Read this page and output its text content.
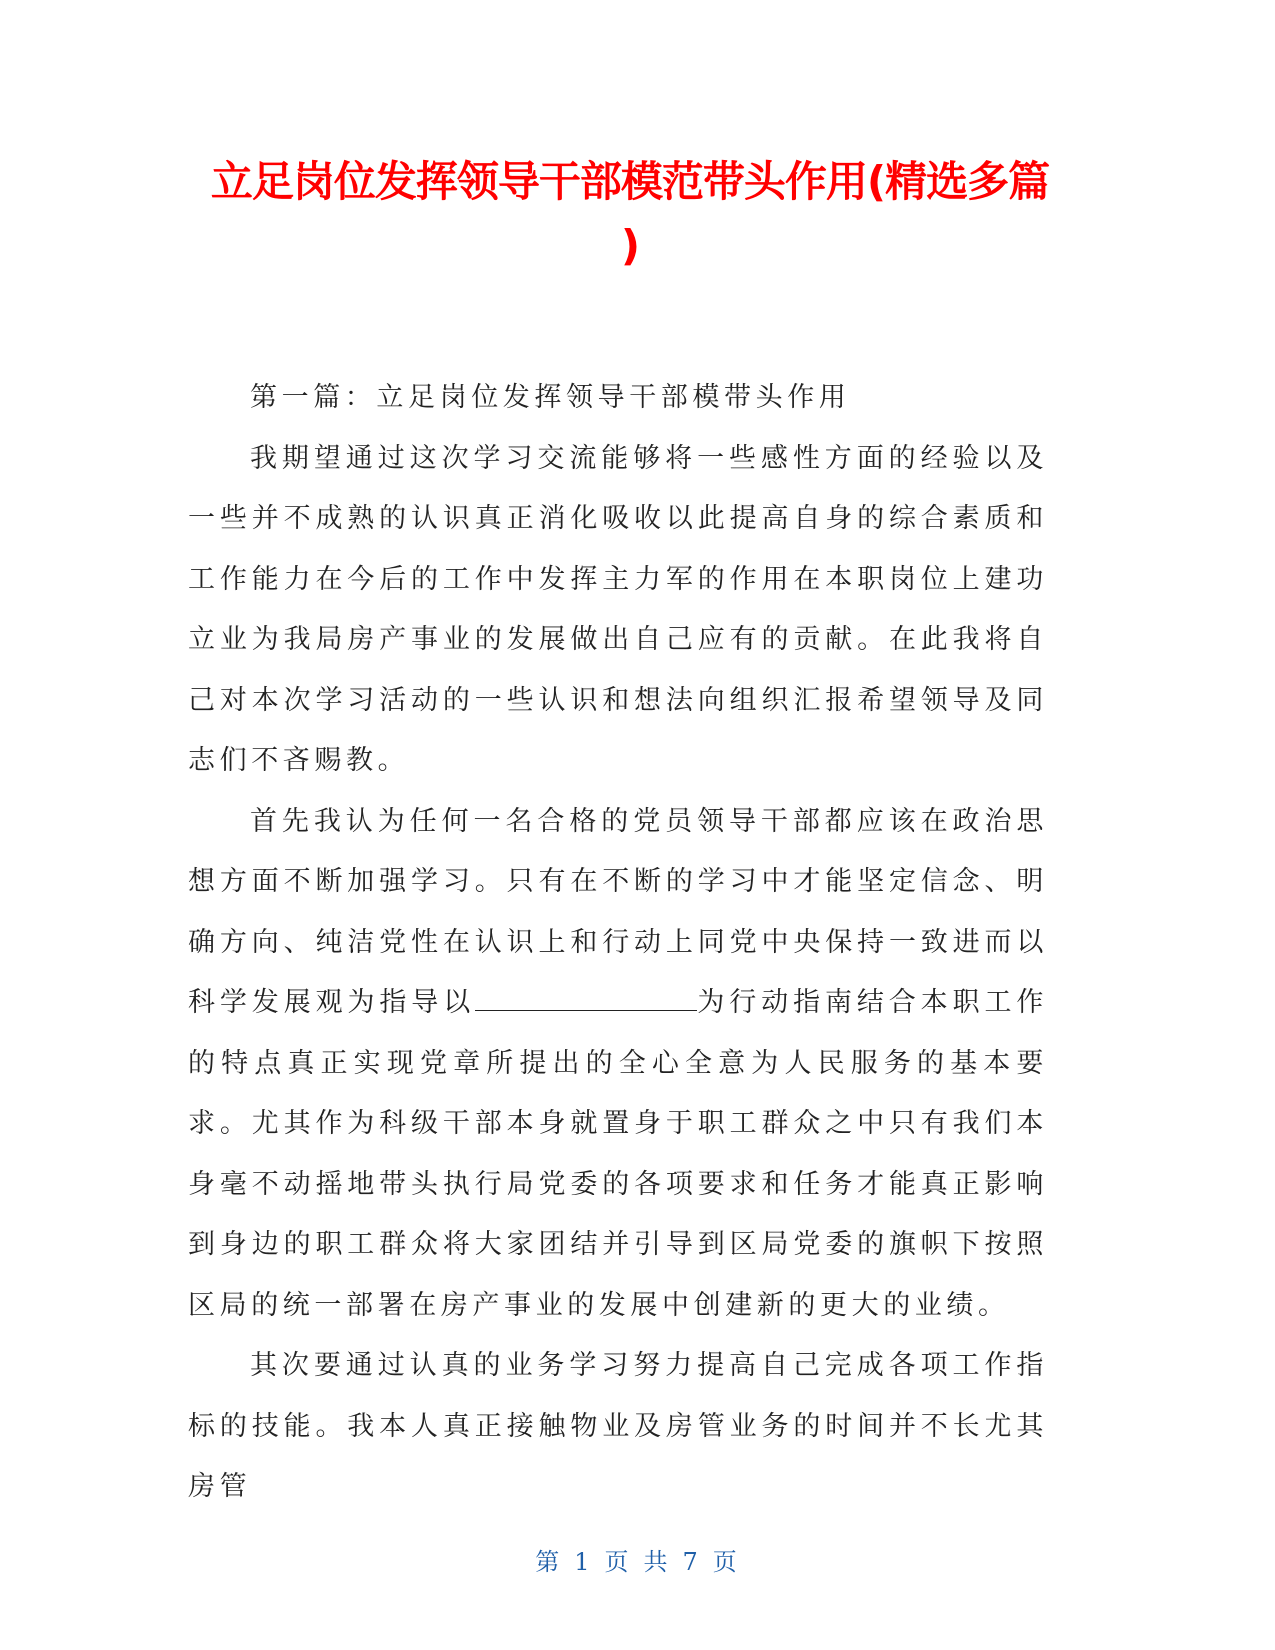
立足岗位发挥领导干部模范带头作用(精选多篇
)

第一篇：立足岗位发挥领导干部模带头作用

我期望通过这次学习交流能够将一些感性方面的经验以及一些并不成熟的认识真正消化吸收以此提高自身的综合素质和工作能力在今后的工作中发挥主力军的作用在本职岗位上建功立业为我局房产事业的发展做出自己应有的贡献。在此我将自己对本次学习活动的一些认识和想法向组织汇报希望领导及同志们不吝赐教。

首先我认为任何一名合格的党员领导干部都应该在政治思想方面不断加强学习。只有在不断的学习中才能坚定信念、明确方向、纯洁党性在认识上和行动上同党中央保持一致进而以科学发展观为指导以	为行动指南结合本职工作的特点真正实现党章所提出的全心全意为人民服务的基本要求。尤其作为科级干部本身就置身于职工群众之中只有我们本身毫不动摇地带头执行局党委的各项要求和任务才能真正影响到身边的职工群众将大家团结并引导到区局党委的旗帜下按照区局的统一部署在房产事业的发展中创建新的更大的业绩。

其次要通过认真的业务学习努力提高自己完成各项工作指标的技能。我本人真正接触物业及房管业务的时间并不长尤其房管

第 1 页 共 7 页
